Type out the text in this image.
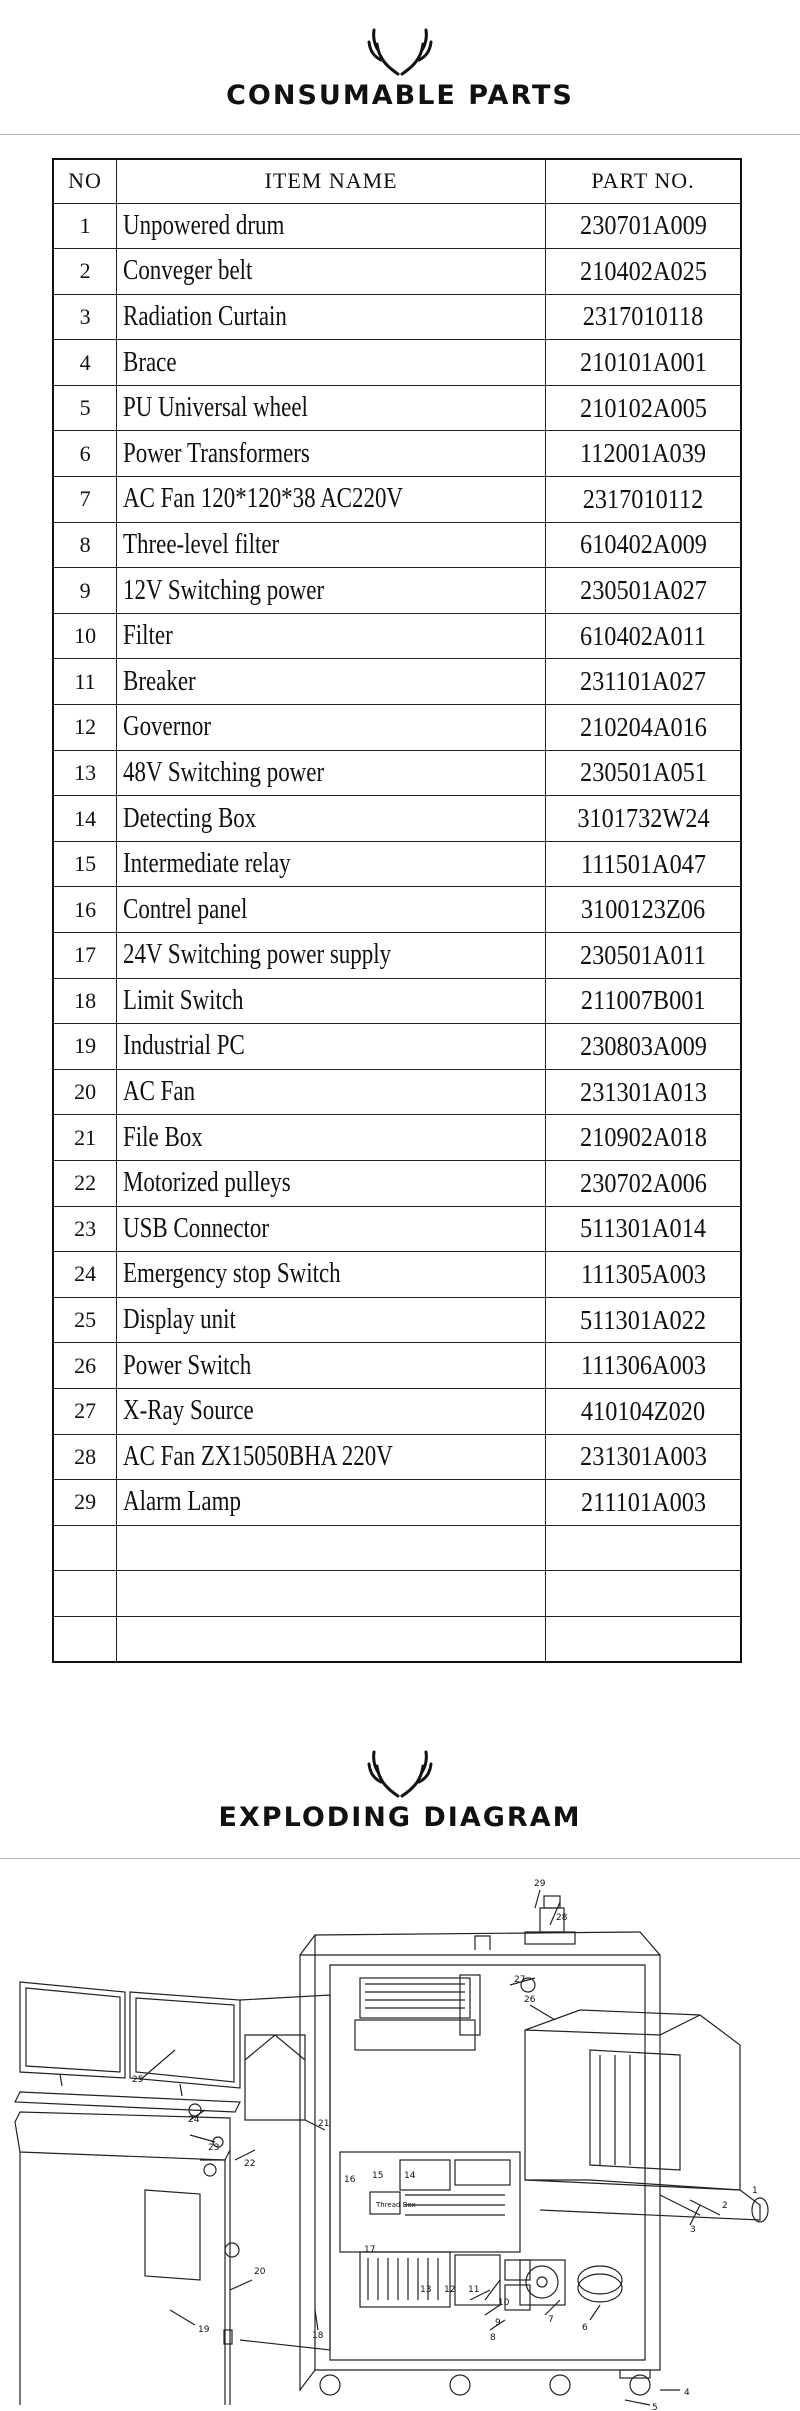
CONSUMABLE PARTS
NO	ITEM NAME	PART NO.
1	Unpowered drum	230701A009
2	Conveger belt	210402A025
3	Radiation Curtain	2317010118
4	Brace	210101A001
5	PU Universal wheel	210102A005
6	Power Transformers	112001A039
7	AC Fan 120*120*38 AC220V	2317010112
8	Three-level filter	610402A009
9	12V Switching power	230501A027
10	Filter	610402A011
11	Breaker	231101A027
12	Governor	210204A016
13	48V Switching power	230501A051
14	Detecting Box	3101732W24
15	Intermediate relay	111501A047
16	Contrel panel	3100123Z06
17	24V Switching power supply	230501A011
18	Limit Switch	211007B001
19	Industrial PC	230803A009
20	AC Fan	231301A013
21	File Box	210902A018
22	Motorized pulleys	230702A006
23	USB Connector	511301A014
24	Emergency stop Switch	111305A003
25	Display unit	511301A022
26	Power Switch	111306A003
27	X-Ray Source	410104Z020
28	AC Fan ZX15050BHA 220V	231301A003
29	Alarm Lamp	211101A003

EXPLODING DIAGRAM
1
2
3
4
5
6
7
8
9
10
11
12
13
14
15
16
17
18
19
20
21
22
23
24
25
26
27
28
29
Thread Box
